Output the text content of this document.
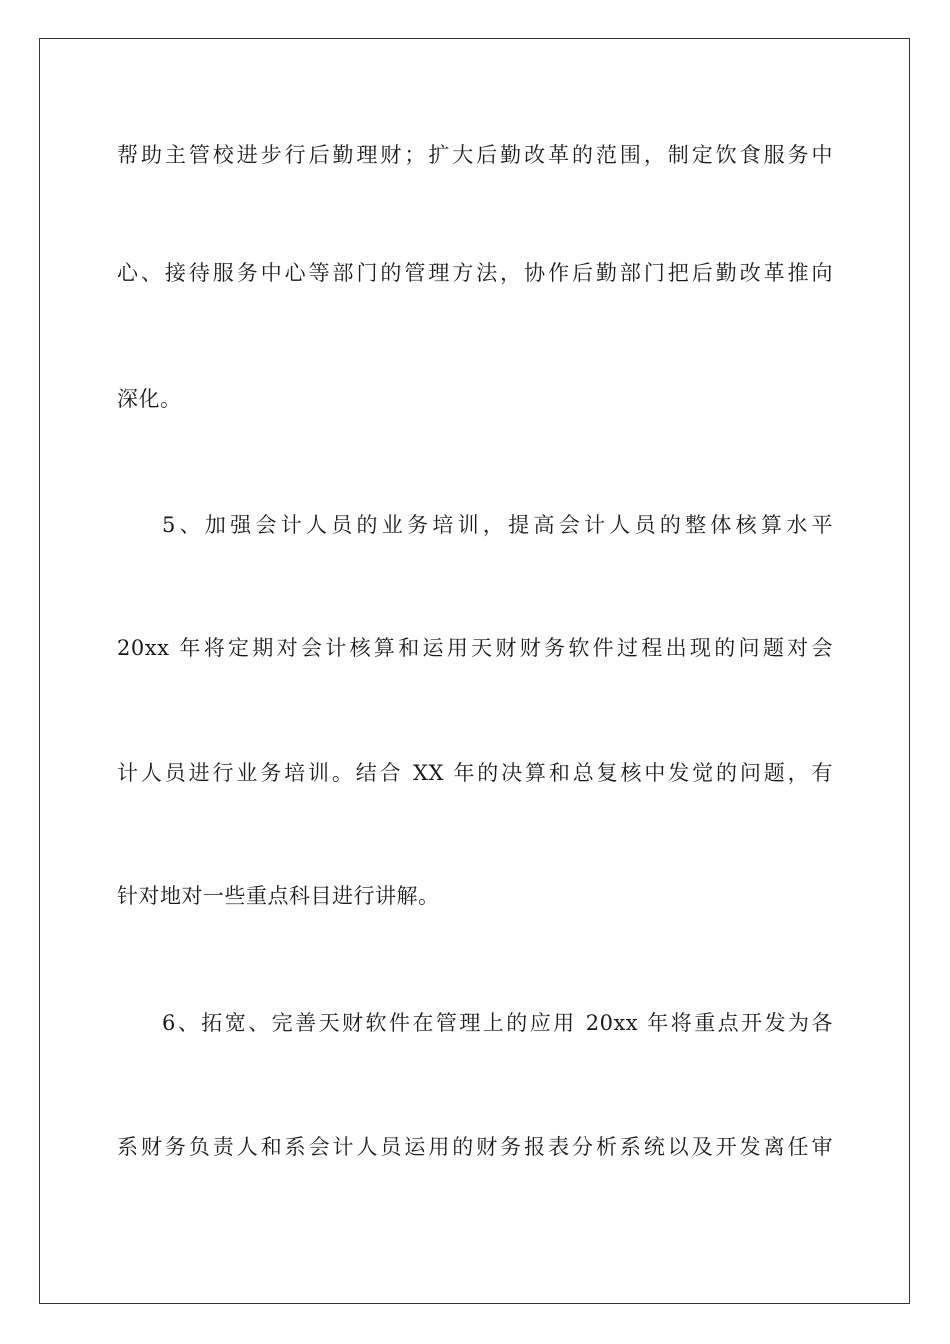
帮助主管校进步行后勤理财；扩大后勤改革的范围，制定饮食服务中
心、接待服务中心等部门的管理方法，协作后勤部门把后勤改革推向
深化。
5、加强会计人员的业务培训，提高会计人员的整体核算水平
20xx 年将定期对会计核算和运用天财财务软件过程出现的问题对会
计人员进行业务培训。结合 XX 年的决算和总复核中发觉的问题，有
针对地对一些重点科目进行讲解。
6、拓宽、完善天财软件在管理上的应用 20xx 年将重点开发为各
系财务负责人和系会计人员运用的财务报表分析系统以及开发离任审
